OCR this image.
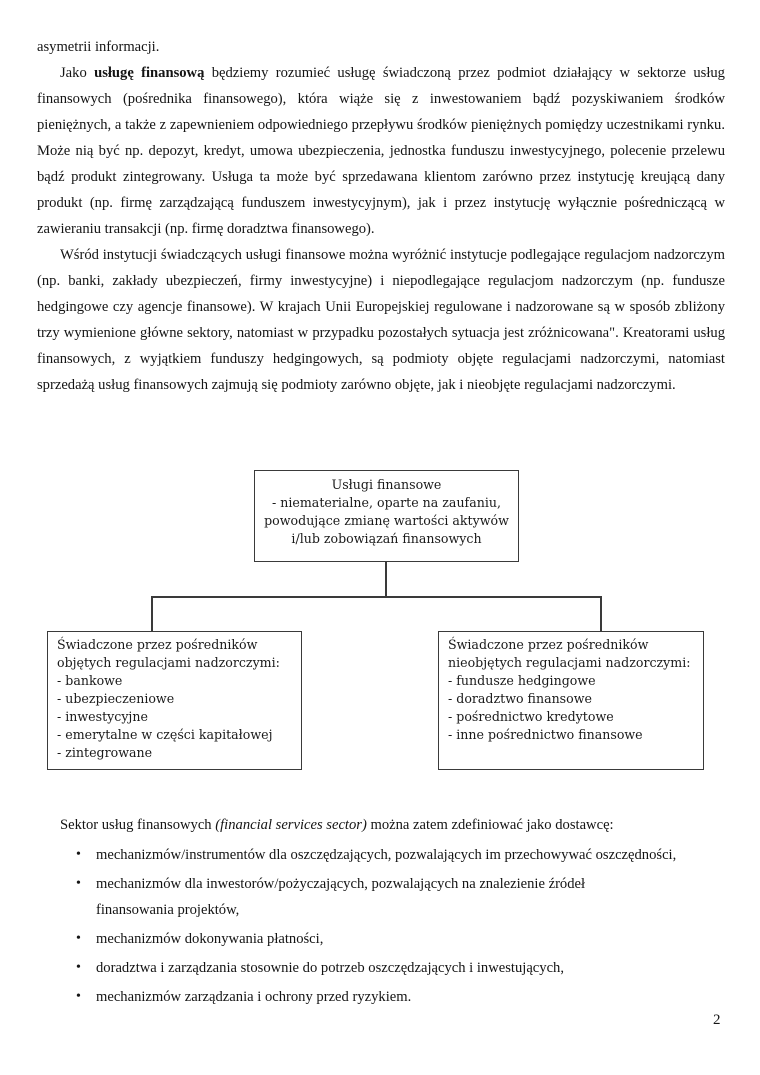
asymetrii informacji.

Jako usługę finansową będziemy rozumieć usługę świadczoną przez podmiot działający w sektorze usług finansowych (pośrednika finansowego), która wiąże się z inwestowaniem bądź pozyskiwaniem środków pieniężnych, a także z zapewnieniem odpowiedniego przepływu środków pieniężnych pomiędzy uczestnikami rynku. Może nią być np. depozyt, kredyt, umowa ubezpieczenia, jednostka funduszu inwestycyjnego, polecenie przelewu bądź produkt zintegrowany. Usługa ta może być sprzedawana klientom zarówno przez instytucję kreującą dany produkt (np. firmę zarządzającą funduszem inwestycyjnym), jak i przez instytucję wyłącznie pośredniczącą w zawieraniu transakcji (np. firmę doradztwa finansowego).

Wśród instytucji świadczących usługi finansowe można wyróżnić instytucje podlegające regulacjom nadzorczym (np. banki, zakłady ubezpieczeń, firmy inwestycyjne) i niepodlegające regulacjom nadzorczym (np. fundusze hedgingowe czy agencje finansowe). W krajach Unii Europejskiej regulowane i nadzorowane są w sposób zbliżony trzy wymienione główne sektory, natomiast w przypadku pozostałych sytuacja jest zróżnicowana". Kreatorami usług finansowych, z wyjątkiem funduszy hedgingowych, są podmioty objęte regulacjami nadzorczymi, natomiast sprzedażą usług finansowych zajmują się podmioty zarówno objęte, jak i nieobjęte regulacjami nadzorczymi.

Usługi finansowe
- niematerialne, oparte na zaufaniu,
powodujące zmianę wartości aktywów
i/lub zobowiązań finansowych
Świadczone przez pośredników
objętych regulacjami nadzorczymi:
- bankowe
- ubezpieczeniowe
- inwestycyjne
- emerytalne w części kapitałowej
- zintegrowane
Świadczone przez pośredników
nieobjętych regulacjami nadzorczymi:
- fundusze hedgingowe
- doradztwo finansowe
- pośrednictwo kredytowe
- inne pośrednictwo finansowe
Sektor usług finansowych (financial services sector) można zatem zdefiniować jako dostawcę:
• mechanizmów/instrumentów dla oszczędzających, pozwalających im przechowywać oszczędności,
• mechanizmów dla inwestorów/pożyczających, pozwalających na znalezienie źródeł finansowania projektów,
• mechanizmów dokonywania płatności,
• doradztwa i zarządzania stosownie do potrzeb oszczędzających i inwestujących,
• mechanizmów zarządzania i ochrony przed ryzykiem.
2
